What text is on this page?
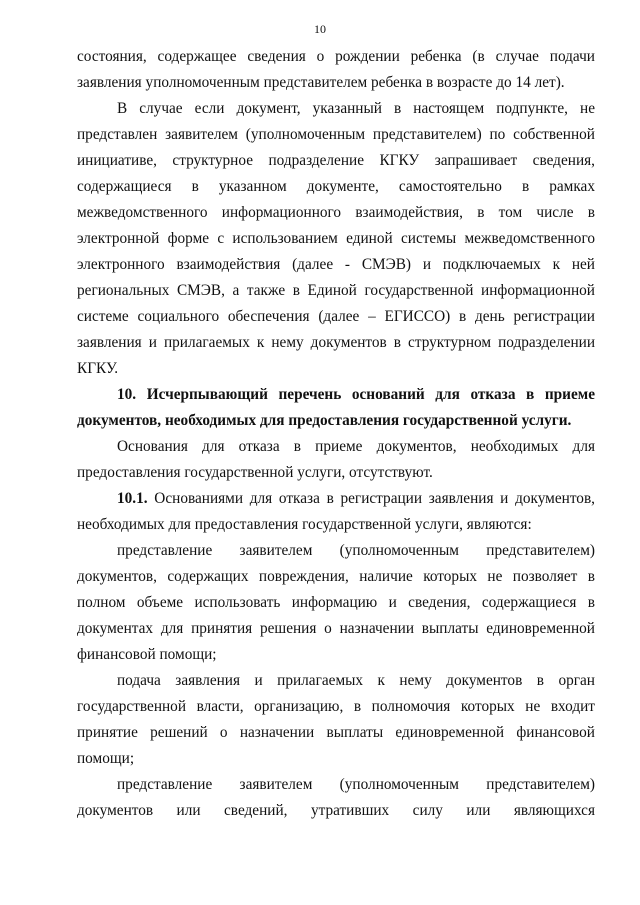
10

состояния, содержащее сведения о рождении ребенка (в случае подачи заявления уполномоченным представителем ребенка в возрасте до 14 лет).

В случае если документ, указанный в настоящем подпункте, не представлен заявителем (уполномоченным представителем) по собственной инициативе, структурное подразделение КГКУ запрашивает сведения, содержащиеся в указанном документе, самостоятельно в рамках межведомственного информационного взаимодействия, в том числе в электронной форме с использованием единой системы межведомственного электронного взаимодействия (далее - СМЭВ) и подключаемых к ней региональных СМЭВ, а также в Единой государственной информационной системе социального обеспечения (далее – ЕГИССО) в день регистрации заявления и прилагаемых к нему документов в структурном подразделении КГКУ.

10. Исчерпывающий перечень оснований для отказа в приеме документов, необходимых для предоставления государственной услуги.

Основания для отказа в приеме документов, необходимых для предоставления государственной услуги, отсутствуют.

10.1. Основаниями для отказа в регистрации заявления и документов, необходимых для предоставления государственной услуги, являются:

представление заявителем (уполномоченным представителем) документов, содержащих повреждения, наличие которых не позволяет в полном объеме использовать информацию и сведения, содержащиеся в документах для принятия решения о назначении выплаты единовременной финансовой помощи;

подача заявления и прилагаемых к нему документов в орган государственной власти, организацию, в полномочия которых не входит принятие решений о назначении выплаты единовременной финансовой помощи;

представление заявителем (уполномоченным представителем) документов или сведений, утративших силу или являющихся
